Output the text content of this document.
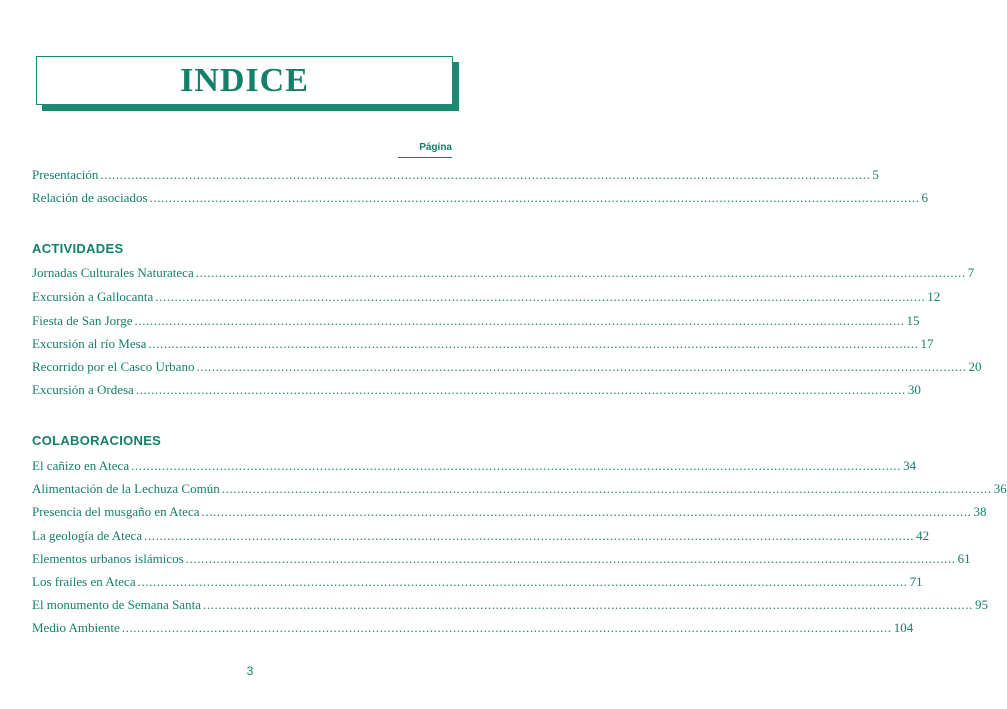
INDICE
Página
Presentación ........................................................................................................................................................................................................ 5
Relación de asociados ........................................................................................................................................................................................................ 6
ACTIVIDADES
Jornadas Culturales Naturateca ........................................................................................................................................................................................................ 7
Excursión a Gallocanta ........................................................................................................................................................................................................ 12
Fiesta de San Jorge ........................................................................................................................................................................................................ 15
Excursión al río Mesa ........................................................................................................................................................................................................ 17
Recorrido por el Casco Urbano ........................................................................................................................................................................................................ 20
Excursión a Ordesa ........................................................................................................................................................................................................ 30
COLABORACIONES
El cañizo en Ateca ........................................................................................................................................................................................................ 34
Alimentación de la Lechuza Común ........................................................................................................................................................................................................ 36
Presencia del musgaño en Ateca ........................................................................................................................................................................................................ 38
La geología de Ateca ........................................................................................................................................................................................................ 42
Elementos urbanos islámicos ........................................................................................................................................................................................................ 61
Los frailes en Ateca ........................................................................................................................................................................................................ 71
El monumento de Semana Santa ........................................................................................................................................................................................................ 95
Medio Ambiente ........................................................................................................................................................................................................ 104
3
